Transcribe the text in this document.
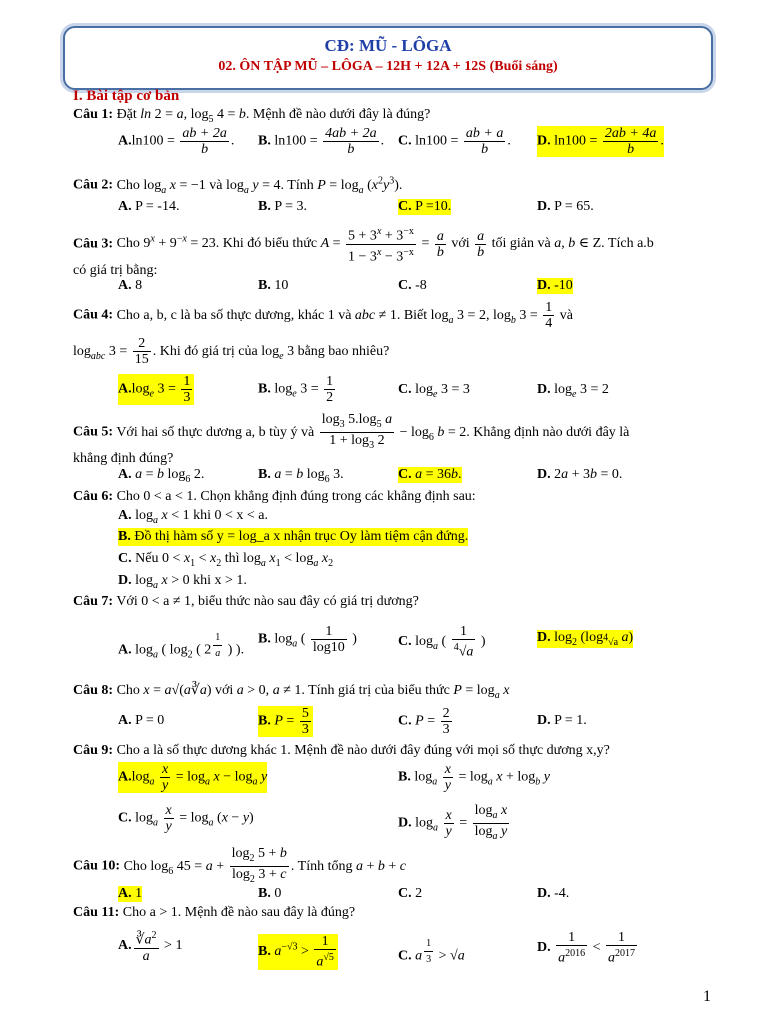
CĐ: MŨ - LÔGA
02. ÔN TẬP MŨ – LÔGA – 12H + 12A + 12S (Buổi sáng)
I. Bài tập cơ bản
Câu 1: Đặt ln 2 = a, $\log_5 4 = b$. Mệnh đề nào dưới đây là đúng?
$A.\ln 100 = \frac{ab + 2a}{b}$ . B. $\ln 100 = \frac{4ab + 2a}{b}$ . C. $\ln 100 = \frac{ab + a}{b}$ . D. $\ln 100 = \frac{2ab + 4a}{b}$ .
Câu 2: Cho $\log_a x = -1$ và $\log_a y = 4$. Tính $P = \log_a (x^2y^3)$.
A. P = -14.	B. P = 3.	C. P =10.	D. P = 65.
Câu 3: Cho $9^x + 9^{-x} = 23$. Khi đó biểu thức $A = \frac{5 + 3^x + 3^{-x}}{1 - 3^x - 3^{-x}} = \frac{a}{b}$ với $\frac{a}{b}$ tối giản và a, b ∈ Z. Tích a.b
có giá trị bằng:
A. 8	B. 10	C. -8	D. -10
Câu 4: Cho a, b, c là ba số thực dương, khác 1 và abc ≠ 1. Biết $\log_a 3 = 2$, $\log_b 3 = \frac{1}{4}$ và
$\log_{abc} 3 = \frac{2}{15}$ . Khi đó giá trị của $\log_e 3$ bằng bao nhiêu?
$A.\log_e$ $3 = \frac{1}{3}$	B. $\log_e 3 = \frac{1}{2}$	C. $\log_e 3 = 3$	D. $\log_e 3 = 2$
Câu 5: Với hai số thực dương a, b tùy ý và $\frac{\log_3 5.\log_5 a}{1 + \log_3 2} - \log_6 b = 2$. Khẳng định nào dưới đây là
khẳng định đúng?
A. a = b $\log_6 2$.	B. a = b $\log_6 3$.	C. a = 36b.	D. 2a + 3b = 0.
Câu 6: Cho 0 < a < 1. Chọn khẳng định đúng trong các khẳng định sau:
A. $\log_a x < 1$ khi 0 < x < a.
B. Đồ thị hàm số y = log_a x nhận trục Oy làm tiệm cận đứng.
C. Nếu $0 < x_1 < x_2$ thì $\log_a x_1 < \log_a x_2$
D. $\log_a x > 0$ khi x > 1.
Câu 7: Với 0 < a ≠ 1, biểu thức nào sau đây có giá trị dương?
A. $\log_a$ ( $\log_2$ ( 2 $^{\frac{1}{a}}$ ) ).
B. $\log_a$ ( $\frac{1}{\log 10}$ )	C. $\log_a$ ( $\frac{1}{^4√a}$ )	D. $\log_2 (\log_{^4√a}$ a)
Câu 8: Cho x = a√(a∛a) với a > 0, a ≠ 1. Tính giá trị của biểu thức $P = \log_a x$
A. P = 0	B. $P = \frac{5}{3}$	C. $P = \frac{2}{3}$	D. P = 1.
Câu 9: Cho a là số thực dương khác 1. Mệnh đề nào dưới đây đúng với mọi số thực dương x,y?
$A.\log_a \frac{x}{y} = \log_a x - \log_a y$	B. $\log_a \frac{x}{y} = \log_a x + \log_b y$
C. $\log_a \frac{x}{y} = \log_a (x - y)$	D. $\log_a \frac{x}{y} = \frac{\log_a x}{\log_a y}$
Câu 10: Cho $\log_6 45 = a + \frac{\log_2 5 + b}{\log_2 3 + c}$ . Tính tổng a + b + c
A. 1	B. 0	C. 2	D. -4.
Câu 11: Cho a > 1. Mệnh đề nào sau đây là đúng?
A. $\frac{∛a^2}{a} > 1$	B. $a^{-√3} > \frac{1}{a^{√5}}$	C. a $^{\frac{1}{3}}$ > √a
D. $\frac{1}{a^{2016}} < \frac{1}{a^{2017}}$
1
